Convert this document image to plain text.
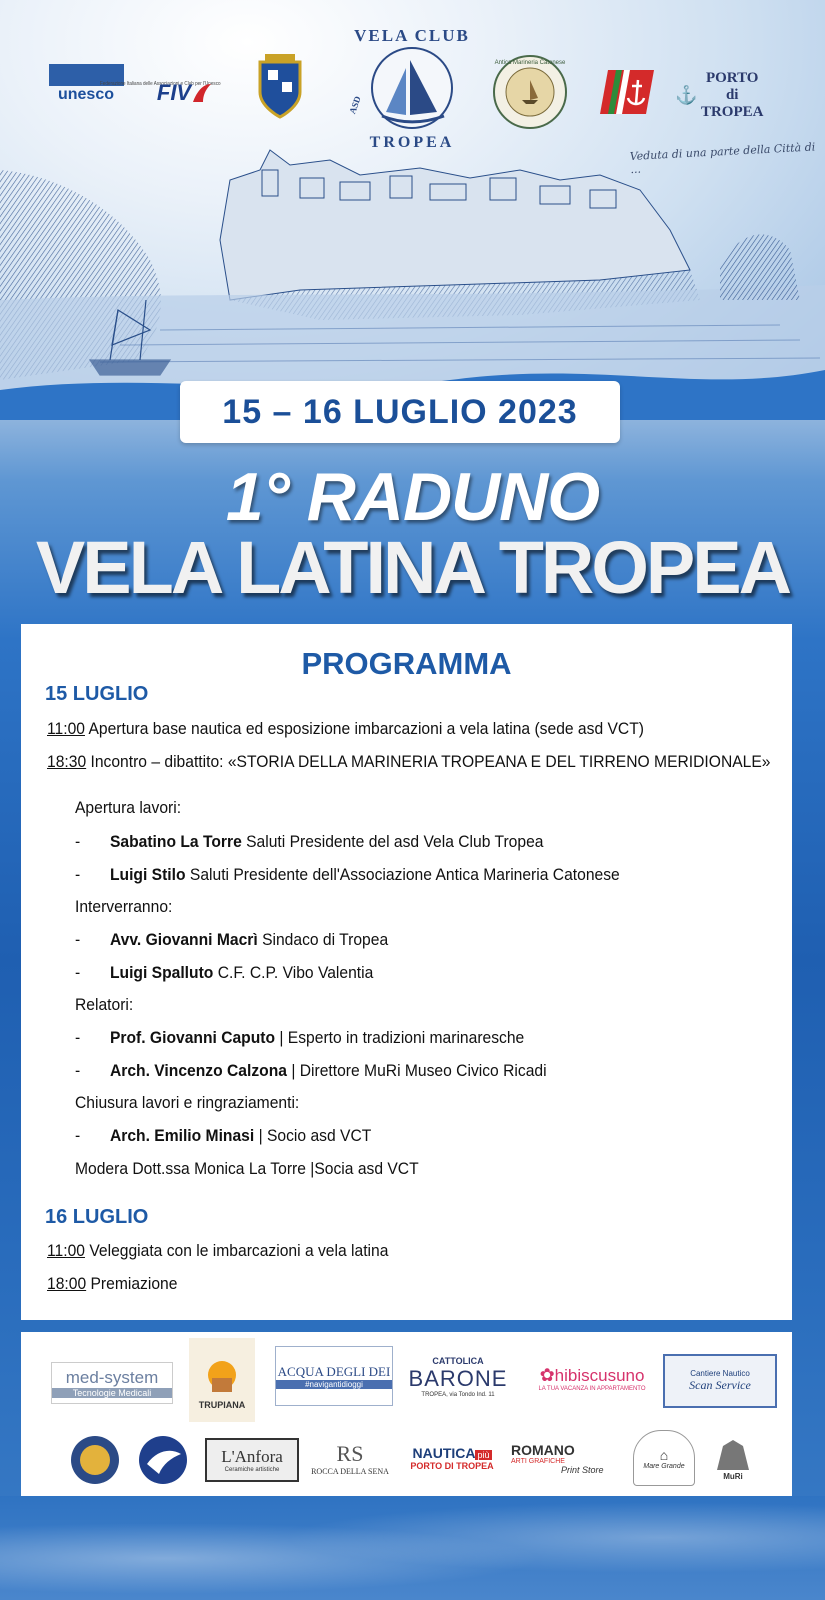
unesco
Federazione Italiana delle Associazioni e Club per l'Unesco
FIV
VELA CLUB
TROPEA
ASD
Antica Marineria Catonese
⚓
PORTO di TROPEA
Veduta di una parte della Città di ...
15 – 16 LUGLIO 2023
1° RADUNO
VELA LATINA TROPEA
PROGRAMMA
15 LUGLIO
11:00 Apertura base nautica ed esposizione imbarcazioni a vela latina (sede asd VCT)
18:30 Incontro – dibattito: «STORIA DELLA MARINERIA TROPEANA E DEL TIRRENO MERIDIONALE»
Apertura lavori:
- Sabatino La Torre Saluti Presidente del asd Vela Club Tropea
- Luigi Stilo Saluti Presidente dell'Associazione Antica Marineria Catonese
Interverranno:
- Avv. Giovanni Macrì Sindaco di Tropea
- Luigi Spalluto C.F. C.P. Vibo Valentia
Relatori:
- Prof. Giovanni Caputo | Esperto in tradizioni marinaresche
- Arch. Vincenzo Calzona | Direttore MuRi Museo Civico Ricadi
Chiusura lavori e ringraziamenti:
- Arch. Emilio Minasi | Socio asd VCT
Modera Dott.ssa Monica La Torre |Socia asd VCT
16 LUGLIO
11:00 Veleggiata con le imbarcazioni a vela latina
18:00 Premiazione
med-system
Tecnologie Medicali
TRUPIANA
ACQUA DEGLI DEI
#navigantidioggi
CATTOLICA
BARONE
TROPEA, via Tondo Ind. 11
✿hibiscusuno
LA TUA VACANZA IN APPARTAMENTO
Cantiere Nautico
Scan Service
L'Anfora
Ceramiche artistiche
RS
ROCCA DELLA SENA
NAUTICA più
PORTO DI TROPEA
ROMANO
ARTI GRAFICHE
Print Store
⌂
Mare Grande
MuRi
